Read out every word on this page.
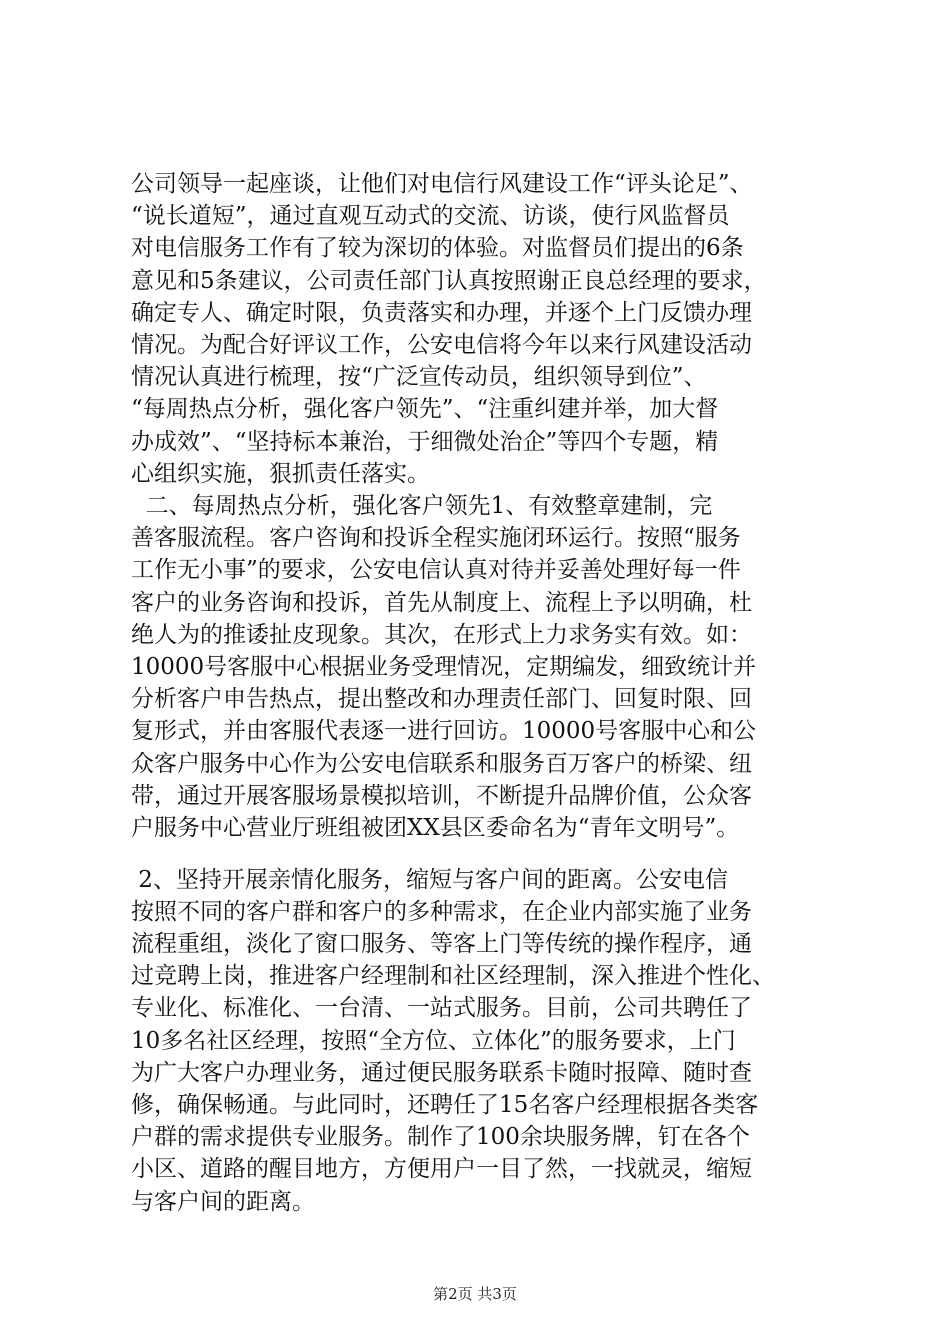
公司领导一起座谈，让他们对电信行风建设工作“评头论足”、
“说长道短”，通过直观互动式的交流、访谈，使行风监督员
对电信服务工作有了较为深切的体验。对监督员们提出的6条
意见和5条建议，公司责任部门认真按照谢正良总经理的要求，
确定专人、确定时限，负责落实和办理，并逐个上门反馈办理
情况。为配合好评议工作，公安电信将今年以来行风建设活动
情况认真进行梳理，按“广泛宣传动员，组织领导到位”、
“每周热点分析，强化客户领先”、“注重纠建并举，加大督
办成效”、“坚持标本兼治，于细微处治企”等四个专题，精
心组织实施，狠抓责任落实。
二、每周热点分析，强化客户领先1、有效整章建制，完
善客服流程。客户咨询和投诉全程实施闭环运行。按照“服务
工作无小事”的要求，公安电信认真对待并妥善处理好每一件
客户的业务咨询和投诉，首先从制度上、流程上予以明确，杜
绝人为的推诿扯皮现象。其次，在形式上力求务实有效。如：
10000号客服中心根据业务受理情况，定期编发，细致统计并
分析客户申告热点，提出整改和办理责任部门、回复时限、回
复形式，并由客服代表逐一进行回访。10000号客服中心和公
众客户服务中心作为公安电信联系和服务百万客户的桥梁、纽
带，通过开展客服场景模拟培训，不断提升品牌价值，公众客
户服务中心营业厅班组被团XX县区委命名为“青年文明号”。
2、坚持开展亲情化服务，缩短与客户间的距离。公安电信
按照不同的客户群和客户的多种需求，在企业内部实施了业务
流程重组，淡化了窗口服务、等客上门等传统的操作程序，通
过竞聘上岗，推进客户经理制和社区经理制，深入推进个性化、
专业化、标准化、一台清、一站式服务。目前，公司共聘任了
10多名社区经理，按照“全方位、立体化”的服务要求，上门
为广大客户办理业务，通过便民服务联系卡随时报障、随时查
修，确保畅通。与此同时，还聘任了15名客户经理根据各类客
户群的需求提供专业服务。制作了100余块服务牌，钉在各个
小区、道路的醒目地方，方便用户一目了然，一找就灵，缩短
与客户间的距离。
第2页 共3页
